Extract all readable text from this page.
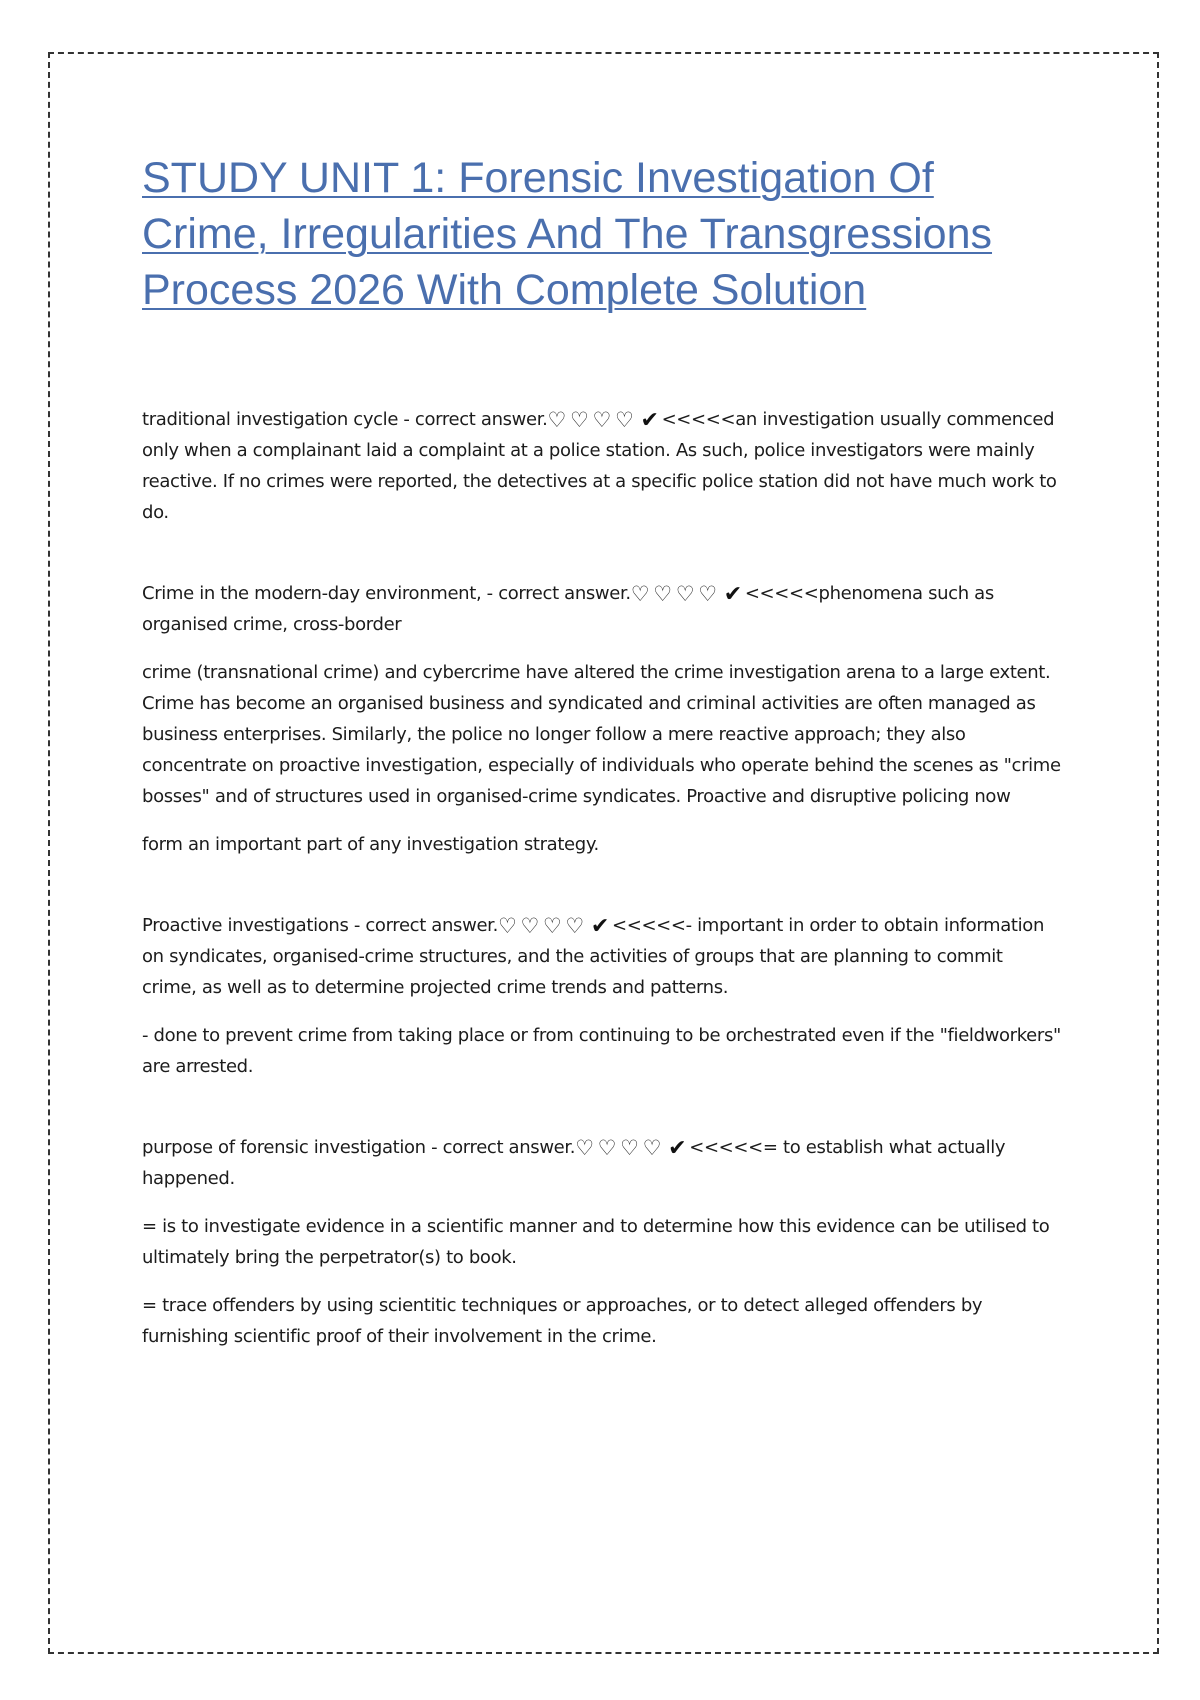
STUDY UNIT 1: Forensic Investigation Of Crime, Irregularities And The Transgressions Process 2026 With Complete Solution

traditional investigation cycle - correct answer.♡ ♡ ♡ ♡ ✔ <<<<<an investigation usually commenced only when a complainant laid a complaint at a police station. As such, police investigators were mainly reactive. If no crimes were reported, the detectives at a specific police station did not have much work to do.

Crime in the modern-day environment, - correct answer.♡ ♡ ♡ ♡ ✔ <<<<<phenomena such as organised crime, cross-border

crime (transnational crime) and cybercrime have altered the crime investigation arena to a large extent. Crime has become an organised business and syndicated and criminal activities are often managed as business enterprises. Similarly, the police no longer follow a mere reactive approach; they also concentrate on proactive investigation, especially of individuals who operate behind the scenes as "crime bosses" and of structures used in organised-crime syndicates. Proactive and disruptive policing now

form an important part of any investigation strategy.

Proactive investigations - correct answer.♡ ♡ ♡ ♡ ✔ <<<<<- important in order to obtain information on syndicates, organised-crime structures, and the activities of groups that are planning to commit crime, as well as to determine projected crime trends and patterns.

- done to prevent crime from taking place or from continuing to be orchestrated even if the "fieldworkers" are arrested.

purpose of forensic investigation - correct answer.♡ ♡ ♡ ♡ ✔ <<<<<= to establish what actually happened.

= is to investigate evidence in a scientific manner and to determine how this evidence can be utilised to ultimately bring the perpetrator(s) to book.

= trace offenders by using scientitic techniques or approaches, or to detect alleged offenders by furnishing scientific proof of their involvement in the crime.
